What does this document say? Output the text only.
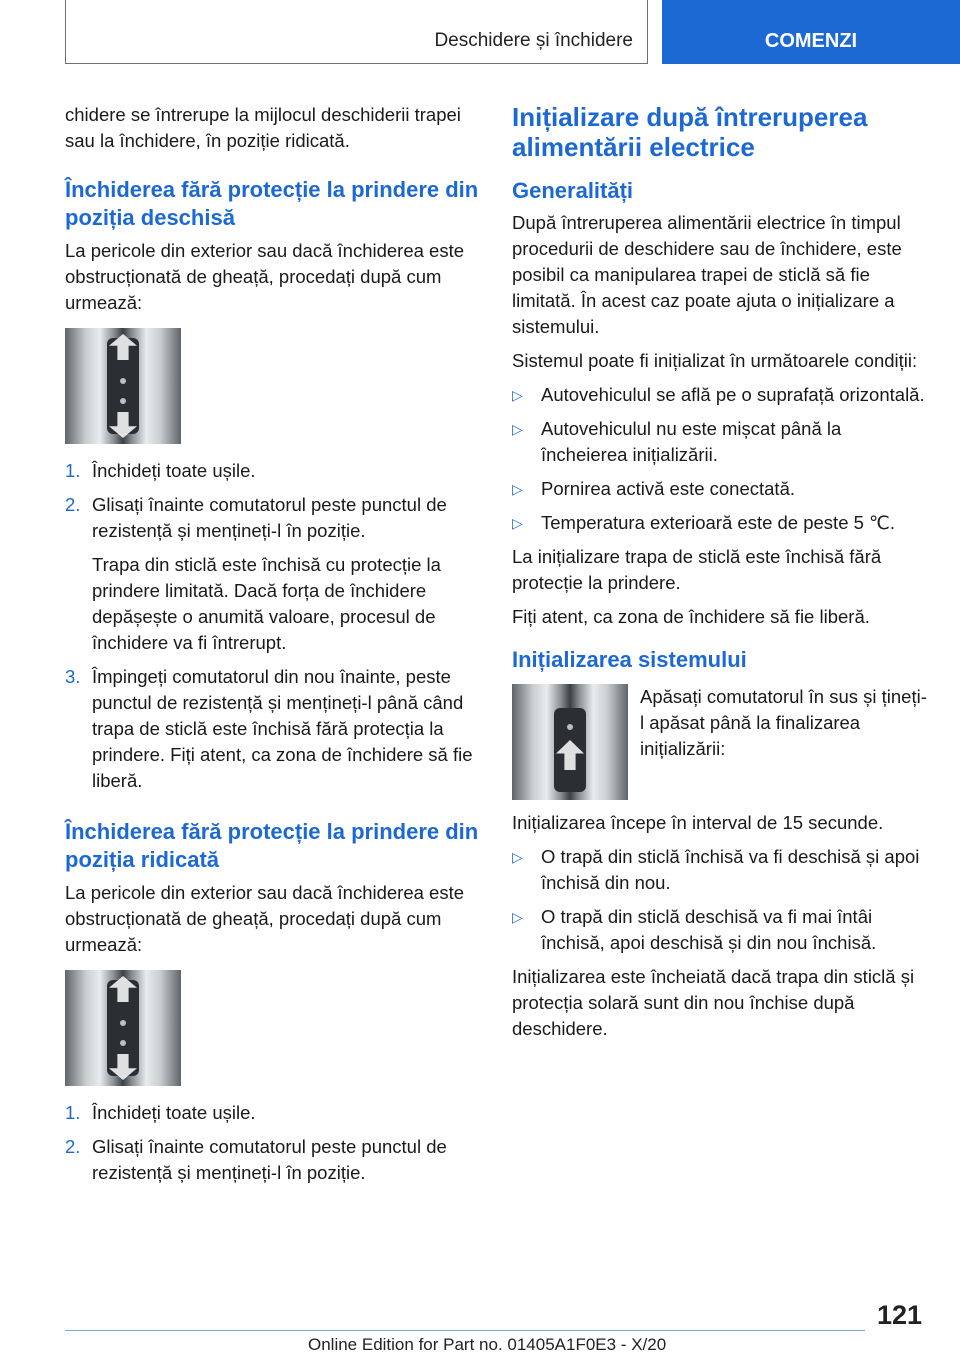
Deschidere și închidere	COMENZI

chidere se întrerupe la mijlocul deschiderii trapei sau la închidere, în poziție ridicată.

Închiderea fără protecție la prindere din poziția deschisă

La pericole din exterior sau dacă închiderea este obstrucționată de gheață, procedați după cum urmează:

1. Închideți toate ușile.
2. Glisați înainte comutatorul peste punctul de rezistență și mențineți-l în poziție.
Trapa din sticlă este închisă cu protecție la prindere limitată. Dacă forța de închidere depășește o anumită valoare, procesul de închidere va fi întrerupt.
3. Împingeți comutatorul din nou înainte, peste punctul de rezistență și mențineți-l până când trapa de sticlă este închisă fără protecția la prindere. Fiți atent, ca zona de închidere să fie liberă.
Închiderea fără protecție la prindere din poziția ridicată

La pericole din exterior sau dacă închiderea este obstrucționată de gheață, procedați după cum urmează:

1. Închideți toate ușile.
2. Glisați înainte comutatorul peste punctul de rezistență și mențineți-l în poziție.
Inițializare după întreruperea alimentării electrice
Generalități

După întreruperea alimentării electrice în timpul procedurii de deschidere sau de închidere, este posibil ca manipularea trapei de sticlă să fie limitată. În acest caz poate ajuta o inițializare a sistemului.

Sistemul poate fi inițializat în următoarele condiții:

▷ Autovehiculul se află pe o suprafață orizontală.
▷ Autovehiculul nu este mișcat până la încheierea inițializării.
▷ Pornirea activă este conectată.
▷ Temperatura exterioară este de peste 5 ℃.

La inițializare trapa de sticlă este închisă fără protecție la prindere.

Fiți atent, ca zona de închidere să fie liberă.

Inițializarea sistemului

Apăsați comutatorul în sus și țineți-l apăsat până la finalizarea inițializării:

Inițializarea începe în interval de 15 secunde.

▷ O trapă din sticlă închisă va fi deschisă și apoi închisă din nou.
▷ O trapă din sticlă deschisă va fi mai întâi închisă, apoi deschisă și din nou închisă.

Inițializarea este încheiată dacă trapa din sticlă și protecția solară sunt din nou închise după deschidere.

121
Online Edition for Part no. 01405A1F0E3 - X/20
